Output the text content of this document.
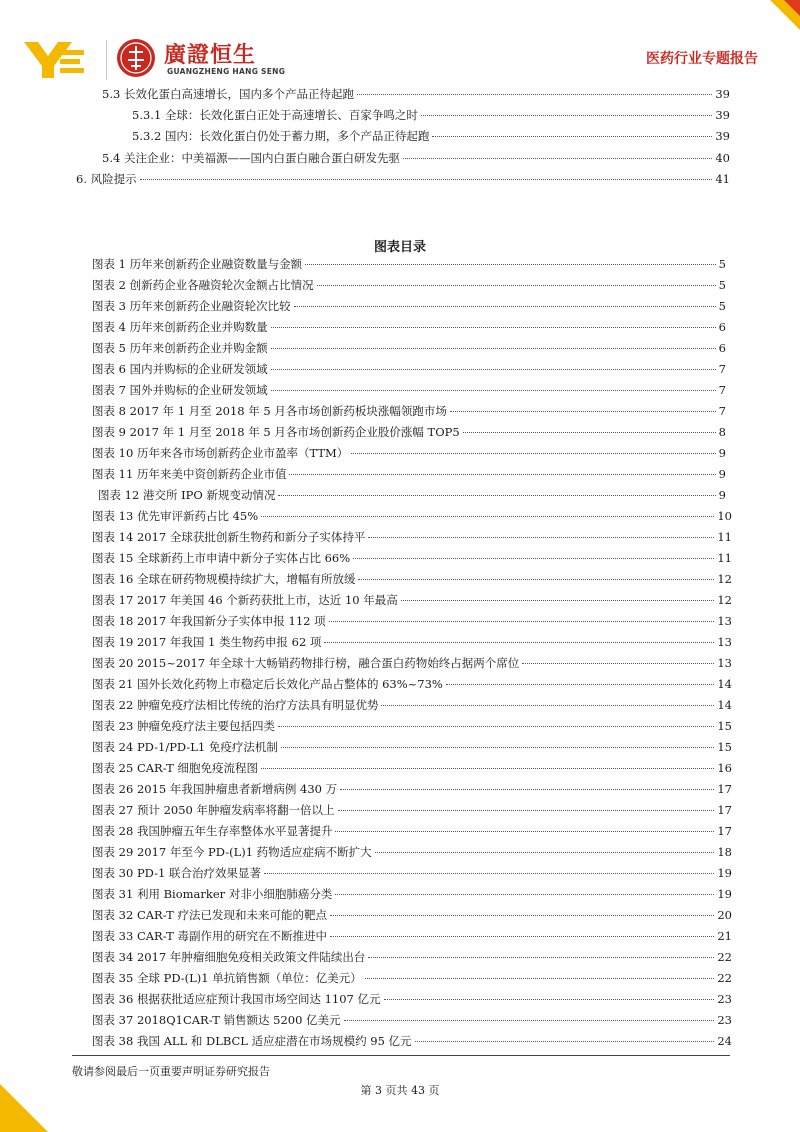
廣證恒生
GUANGZHENG HANG SENG
医药行业专题报告
5.3 长效化蛋白高速增长，国内多个产品正待起跑	39
5.3.1 全球：长效化蛋白正处于高速增长、百家争鸣之时	39
5.3.2 国内：长效化蛋白仍处于蓄力期，多个产品正待起跑	39
5.4 关注企业：中美福源——国内白蛋白融合蛋白研发先驱	40
6. 风险提示	41
图表目录
图表 1 历年来创新药企业融资数量与金额	5
图表 2 创新药企业各融资轮次金额占比情况	5
图表 3 历年来创新药企业融资轮次比较	5
图表 4 历年来创新药企业并购数量	6
图表 5 历年来创新药企业并购金额	6
图表 6 国内并购标的企业研发领域	7
图表 7 国外并购标的企业研发领域	7
图表 8 2017 年 1 月至 2018 年 5 月各市场创新药板块涨幅领跑市场	7
图表 9 2017 年 1 月至 2018 年 5 月各市场创新药企业股价涨幅 TOP5	8
图表 10 历年来各市场创新药企业市盈率（TTM）	9
图表 11 历年来美中资创新药企业市值	9
图表 12 港交所 IPO 新规变动情况	9
图表 13 优先审评新药占比 45%	10
图表 14 2017 全球获批创新生物药和新分子实体持平	11
图表 15 全球新药上市申请中新分子实体占比 66%	11
图表 16 全球在研药物规模持续扩大，增幅有所放缓	12
图表 17 2017 年美国 46 个新药获批上市，达近 10 年最高	12
图表 18 2017 年我国新分子实体申报 112 项	13
图表 19 2017 年我国 1 类生物药申报 62 项	13
图表 20 2015~2017 年全球十大畅销药物排行榜，融合蛋白药物始终占据两个席位	13
图表 21 国外长效化药物上市稳定后长效化产品占整体的 63%~73%	14
图表 22 肿瘤免疫疗法相比传统的治疗方法具有明显优势	14
图表 23 肿瘤免疫疗法主要包括四类	15
图表 24 PD-1/PD-L1 免疫疗法机制	15
图表 25 CAR-T 细胞免疫流程图	16
图表 26 2015 年我国肿瘤患者新增病例 430 万	17
图表 27 预计 2050 年肿瘤发病率将翻一倍以上	17
图表 28 我国肿瘤五年生存率整体水平显著提升	17
图表 29 2017 年至今 PD-(L)1 药物适应症病不断扩大	18
图表 30 PD-1 联合治疗效果显著	19
图表 31 利用 Biomarker 对非小细胞肺癌分类	19
图表 32 CAR-T 疗法已发现和未来可能的靶点	20
图表 33 CAR-T 毒副作用的研究在不断推进中	21
图表 34 2017 年肿瘤细胞免疫相关政策文件陆续出台	22
图表 35 全球 PD-(L)1 单抗销售额（单位：亿美元）	22
图表 36 根据获批适应症预计我国市场空间达 1107 亿元	23
图表 37 2018Q1CAR-T 销售额达 5200 亿美元	23
图表 38 我国 ALL 和 DLBCL 适应症潜在市场规模约 95 亿元	24
敬请参阅最后一页重要声明证券研究报告
第 3 页共 43 页
